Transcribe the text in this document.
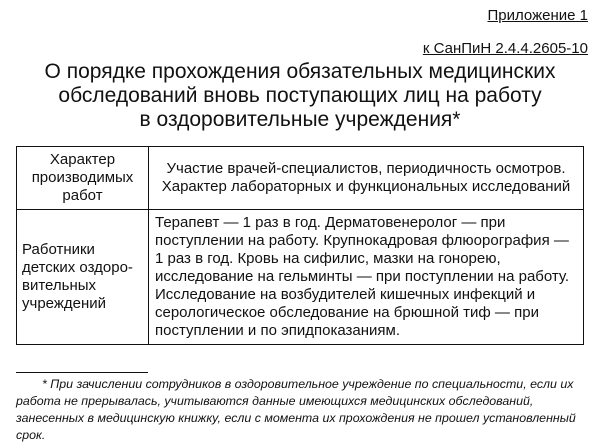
Приложение 1
к СанПиН 2.4.4.2605-10
О порядке прохождения обязательных медицинских
обследований вновь поступающих лиц на работу
в оздоровительные учреждения*
Характер производимых работ	Участие врачей-специалистов, периодичность осмотров. Характер лабораторных и функциональных исследований
Работники детских оздоро-вительных учреждений	Терапевт — 1 раз в год. Дерматовенеролог — при поступлении на работу. Крупнокадровая флюорография — 1 раз в год. Кровь на сифилис, мазки на гонорею, исследование на гельминты — при поступлении на работу. Исследование на возбудителей кишечных инфекций и серологическое обследование на брюшной тиф — при поступлении и по эпидпоказаниям.
* При зачислении сотрудников в оздоровительное учреждение по специальности, если их работа не прерывалась, учитываются данные имеющихся медицинских обследований, занесенных в медицинскую книжку, если с момента их прохождения не прошел установленный срок.
